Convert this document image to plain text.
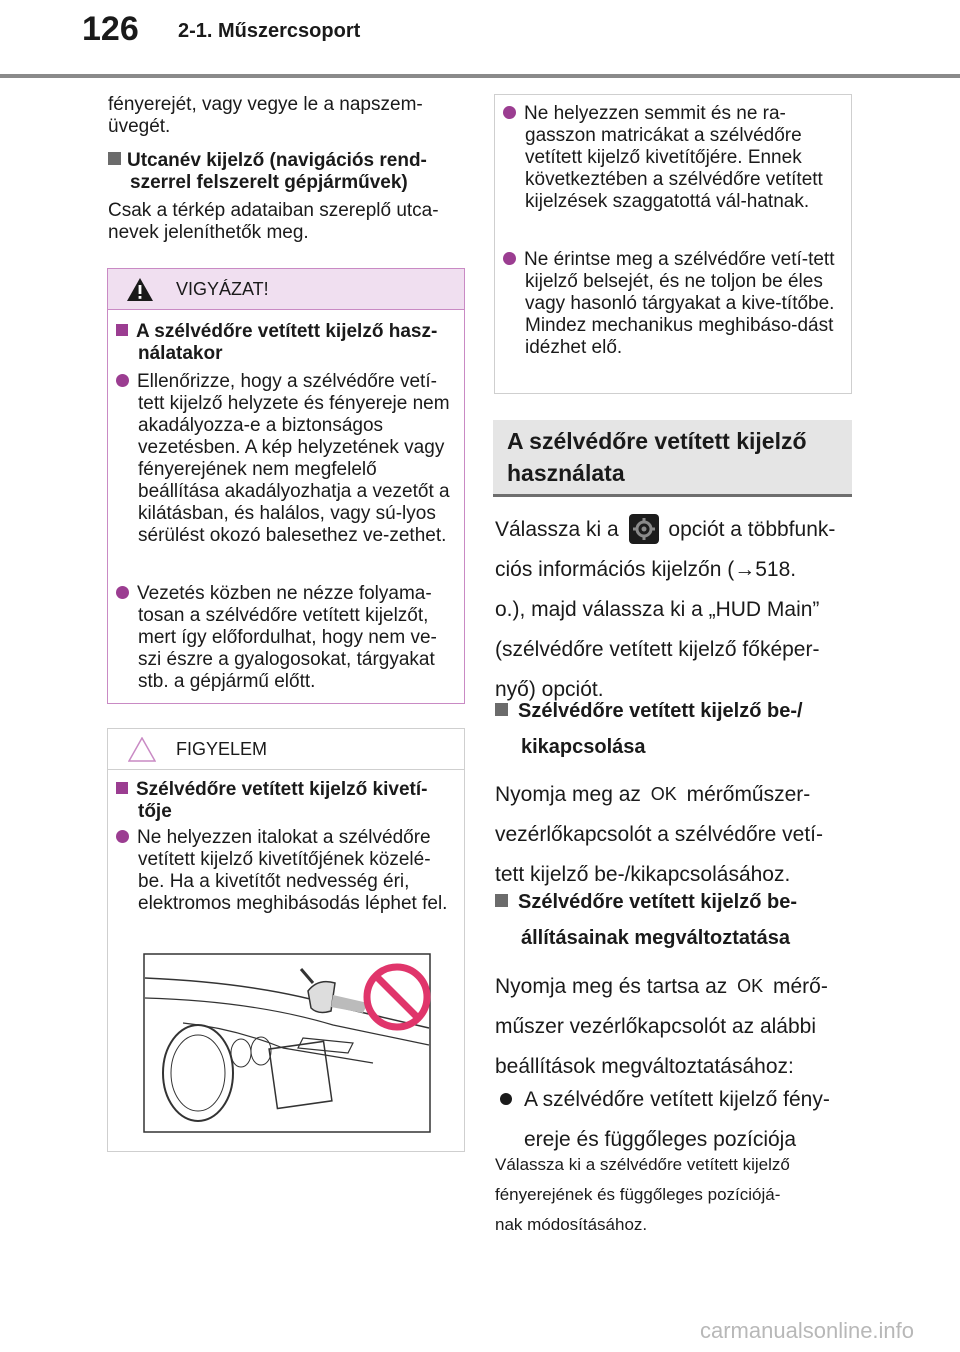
126 2-1. Műszercsoport
fényerejét, vagy vegye le a napszem-üvegét.
Utcanév kijelző (navigációs rend-szerrel felszerelt gépjárművek)
Csak a térkép adataiban szereplő utca-nevek jeleníthetők meg.
VIGYÁZAT!
A szélvédőre vetített kijelző hasz-nálatakor
Ellenőrizze, hogy a szélvédőre vetí-tett kijelző helyzete és fényereje nem akadályozza-e a biztonságos vezetésben. A kép helyzetének vagy fényerejének nem megfelelő beállítása akadályozhatja a vezetőt a kilátásban, és halálos, vagy sú-lyos sérülést okozó balesethez ve-zethet.
Vezetés közben ne nézze folyama-tosan a szélvédőre vetített kijelzőt, mert így előfordulhat, hogy nem ve-szi észre a gyalogosokat, tárgyakat stb. a gépjármű előtt.
FIGYELEM
Szélvédőre vetített kijelző kivetí-tője
Ne helyezzen italokat a szélvédőre vetített kijelző kivetítőjének közelé-be. Ha a kivetítőt nedvesség éri, elektromos meghibásodás léphet fel.
Ne helyezzen semmit és ne ra-gasszon matricákat a szélvédőre vetített kijelző kivetítőjére. Ennek következtében a szélvédőre vetített kijelzések szaggatottá vál-hatnak.
Ne érintse meg a szélvédőre vetí-tett kijelző belsejét, és ne toljon be éles vagy hasonló tárgyakat a kive-títőbe. Mindez mechanikus meghibáso-dást idézhet elő.
A szélvédőre vetített kijelző
használata
Válassza ki a opciót a többfunk-
ciós információs kijelzőn (→518.
o.), majd válassza ki a „HUD Main”
(szélvédőre vetített kijelző főképer-
nyő) opciót.
Szélvédőre vetített kijelző be-/
kikapcsolása
Nyomja meg az OK mérőműszer-
vezérlőkapcsolót a szélvédőre vetí-
tett kijelző be-/kikapcsolásához.
Szélvédőre vetített kijelző be-
állításainak megváltoztatása
Nyomja meg és tartsa az OK mérő-
műszer vezérlőkapcsolót az alábbi
beállítások megváltoztatásához:
A szélvédőre vetített kijelző fény-
ereje és függőleges pozíciója
Válassza ki a szélvédőre vetített kijelző
fényerejének és függőleges pozíciójá-
nak módosításához.
carmanualsonline.info
